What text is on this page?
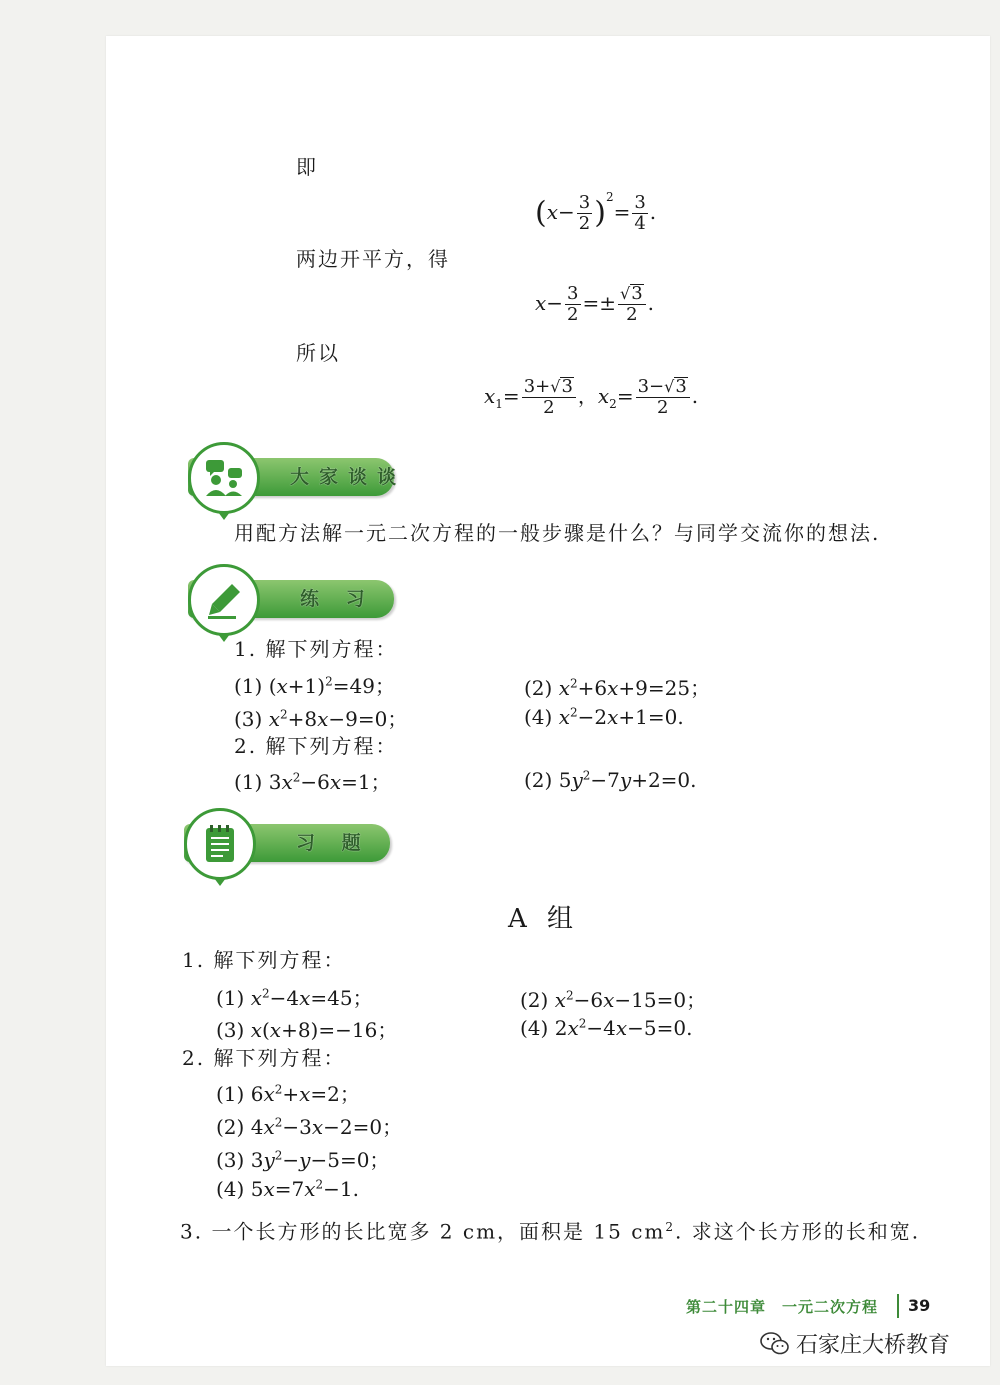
即
$(x- \frac{3}{2} )^2= \frac{3}{4}$ .
两边开平方，得
$x- \frac{3}{2} =\pm \frac{√ 3}{2}$ .
所以
$x_1= \frac{3+ √ 3}{2}$ ，$x_2= \frac{3- √ 3}{2}$ .
大家谈谈
用配方法解一元二次方程的一般步骤是什么？与同学交流你的想法.
练 习
1. 解下列方程：
(1) $(x+1)^2=49$；	(2) $x^2+6x+9=25$；
(3) $x^2+8x-9=0$；	(4) $x^2-2x+1=0$.
2. 解下列方程：
(1) $3x^2-6x=1$；	(2) $5y^2-7y+2=0$.
习 题
A 组
1. 解下列方程：
(1) $x^2-4x=45$；	(2) $x^2-6x-15=0$；
(3) x(x+8)=−16；	(4) $2x^2-4x-5=0$.
2. 解下列方程：
(1) $6x^2+x=2$；
(2) $4x^2-3x-2=0$；
(3) $3y^2-y-5=0$；
(4) $5x=7x^2-1$.
3. 一个长方形的长比宽多 2 cm，面积是 15 $cm^2$. 求这个长方形的长和宽.
第二十四章　一元二次方程 39
石家庄大桥教育
